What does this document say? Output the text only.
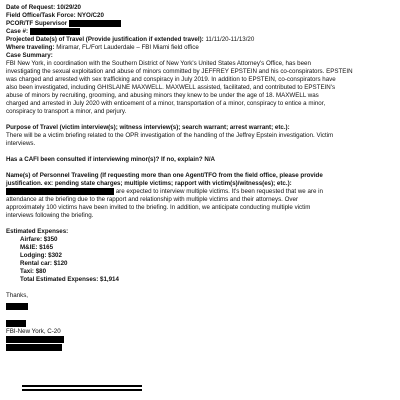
Date of Request: 10/29/20
Field Office/Task Force: NYO/C20
PCOR/TF Supervisor
Case #:
Projected Date(s) of Travel (Provide justification if extended travel): 11/11/20-11/13/20
Where traveling: Miramar, FL/Fort Lauderdale – FBI Miami field office
Case Summary:
FBI New York, in coordination with the Southern District of New York's United States Attorney's Office, has been
investigating the sexual exploitation and abuse of minors committed by JEFFREY EPSTEIN and his co-conspirators. EPSTEIN
was charged and arrested with sex trafficking and conspiracy in July 2019. In addition to EPSTEIN, co-conspirators have
also been investigated, including GHISLAINE MAXWELL. MAXWELL assisted, facilitated, and contributed to EPSTEIN's
abuse of minors by recruiting, grooming, and abusing minors they knew to be under the age of 18. MAXWELL was
charged and arrested in July 2020 with enticement of a minor, transportation of a minor, conspiracy to entice a minor,
conspiracy to transport a minor, and perjury.
Purpose of Travel (victim interview(s); witness interview(s); search warrant; arrest warrant; etc.):
There will be a victim briefing related to the OPR investigation of the handling of the Jeffrey Epstein investigation. Victim
interviews.
Has a CAFI been consulted if interviewing minor(s)? If no, explain? N/A
Name(s) of Personnel Traveling (If requesting more than one Agent/TFO from the field office, please provide
justification. ex: pending state charges; multiple victims; rapport with victim(s)/witness(es); etc.):
are expected to interview multiple victims. It's been requested that we are in
attendance at the briefing due to the rapport and relationship with multiple victims and their attorneys. Over
approximately 100 victims have been invited to the briefing. In addition, we anticipate conducting multiple victim
interviews following the briefing.
Estimated Expenses:
Airfare: $350
M&IE: $165
Lodging: $302
Rental car: $120
Taxi: $80
Total Estimated Expenses: $1,914
Thanks,
FBI-New York, C-20
